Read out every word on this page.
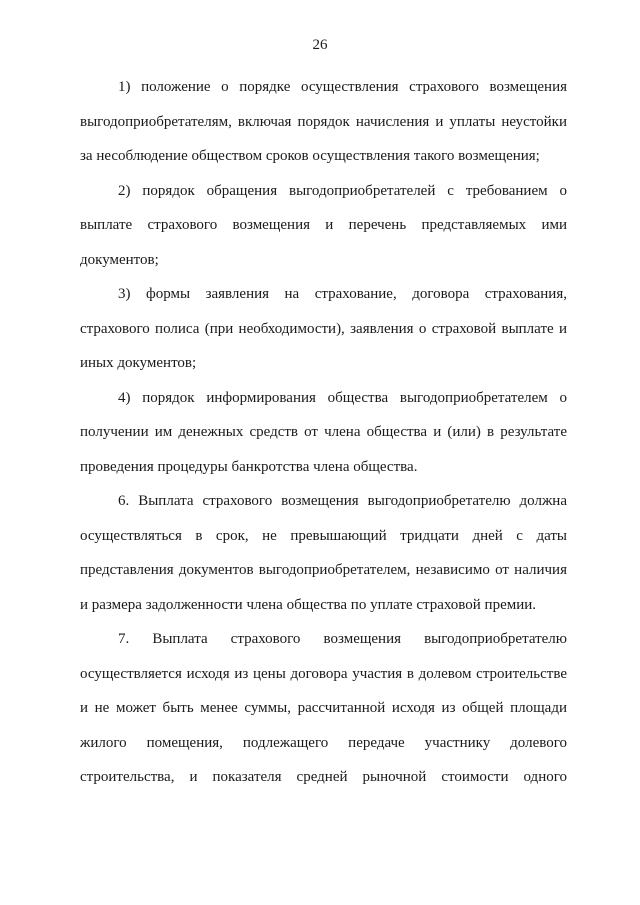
26
1) положение о порядке осуществления страхового возмещения
выгодоприобретателям, включая порядок начисления и уплаты неустойки
за несоблюдение обществом сроков осуществления такого возмещения;
2) порядок обращения выгодоприобретателей с требованием о
выплате страхового возмещения и перечень представляемых ими
документов;
3) формы заявления на страхование, договора страхования,
страхового полиса (при необходимости), заявления о страховой выплате и
иных документов;
4) порядок информирования общества выгодоприобретателем о
получении им денежных средств от члена общества и (или) в результате
проведения процедуры банкротства члена общества.
6. Выплата страхового возмещения выгодоприобретателю должна
осуществляться в срок, не превышающий тридцати дней с даты
представления документов выгодоприобретателем, независимо от наличия
и размера задолженности члена общества по уплате страховой премии.
7. Выплата страхового возмещения выгодоприобретателю
осуществляется исходя из цены договора участия в долевом строительстве
и не может быть менее суммы, рассчитанной исходя из общей площади
жилого помещения, подлежащего передаче участнику долевого
строительства, и показателя средней рыночной стоимости одного
